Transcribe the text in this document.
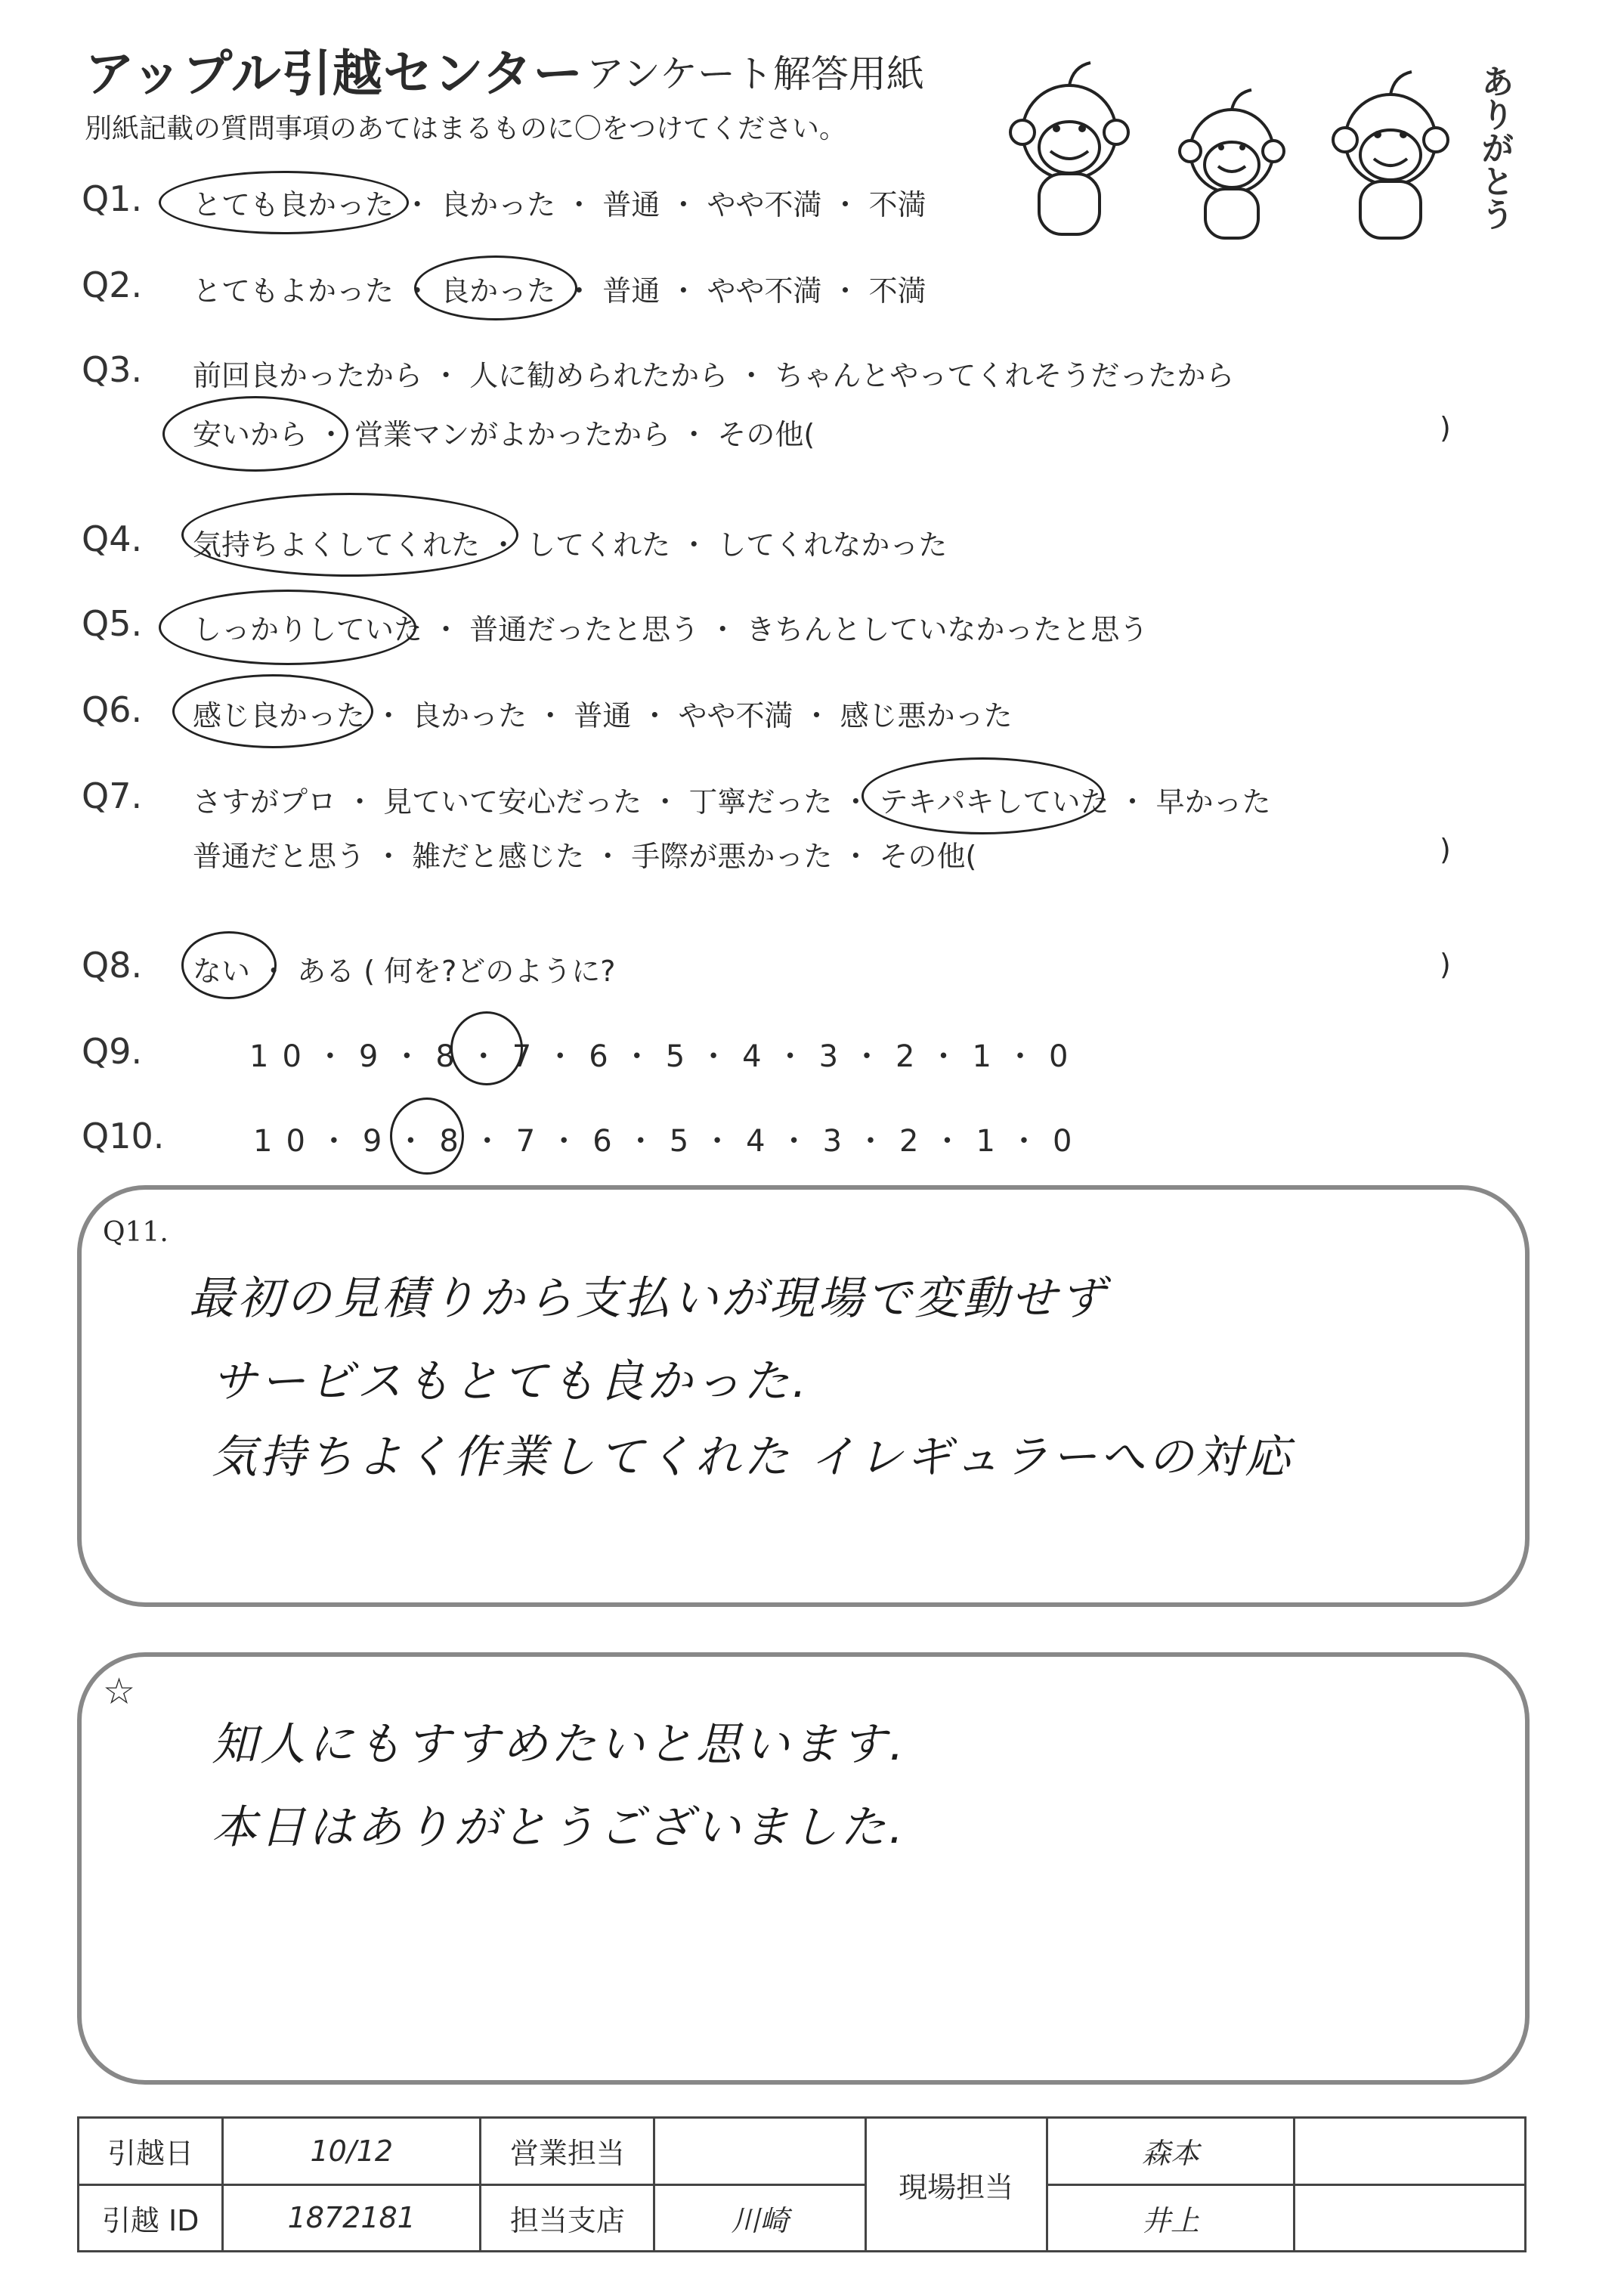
アップル引越センター アンケート解答用紙
別紙記載の質問事項のあてはまるものに〇をつけてください。	ありがとう
Q1. とても良かった ・ 良かった ・ 普通 ・ やや不満 ・ 不満
Q2. とてもよかった ・ 良かった ・ 普通 ・ やや不満 ・ 不満
Q3. 前回良かったから ・ 人に勧められたから ・ ちゃんとやってくれそうだったから
安いから ・ 営業マンがよかったから ・ その他(	)
Q4. 気持ちよくしてくれた ・ してくれた ・ してくれなかった
Q5. しっかりしていた ・ 普通だったと思う ・ きちんとしていなかったと思う
Q6. 感じ良かった ・ 良かった ・ 普通 ・ やや不満 ・ 感じ悪かった
Q7. さすがプロ ・ 見ていて安心だった ・ 丁寧だった ・ テキパキしていた ・ 早かった
普通だと思う ・ 雑だと感じた ・ 手際が悪かった ・ その他(	)
Q8. ない ・ ある ( 何を?どのように?	)
Q9.	10・9・8・7・6・5・4・3・2・1・0
Q10.	10・9・8・7・6・5・4・3・2・1・0
Q11.
最初の見積りから支払いが現場で変動せず
サービスもとても良かった.
気持ちよく作業してくれた イレギュラーへの対応
☆
知人にもすすめたいと思います.
本日はありがとうございました.
引越日	10/12	営業担当		現場担当	森本	
引越 ID	1872181	担当支店	川崎		井上	
